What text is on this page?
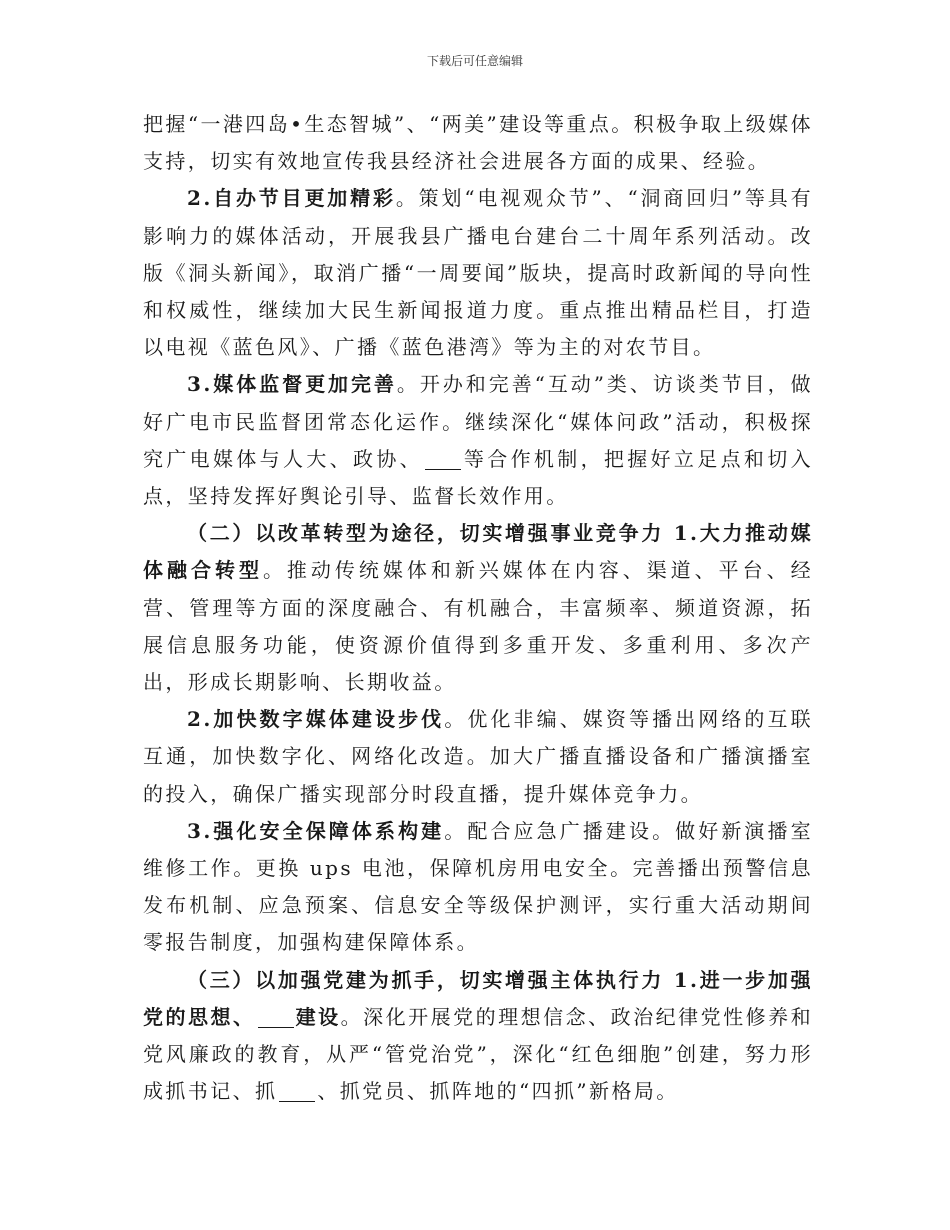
下载后可任意编辑

把握“一港四岛•生态智城”、“两美”建设等重点。积极争取上级媒体支持，切实有效地宣传我县经济社会进展各方面的成果、经验。

2.自办节目更加精彩。策划“电视观众节”、“洞商回归”等具有影响力的媒体活动，开展我县广播电台建台二十周年系列活动。改版《洞头新闻》，取消广播“一周要闻”版块，提高时政新闻的导向性和权威性，继续加大民生新闻报道力度。重点推出精品栏目，打造以电视《蓝色风》、广播《蓝色港湾》等为主的对农节目。

3.媒体监督更加完善。开办和完善“互动”类、访谈类节目，做好广电市民监督团常态化运作。继续深化“媒体问政”活动，积极探究广电媒体与人大、政协、 等合作机制，把握好立足点和切入点，坚持发挥好舆论引导、监督长效作用。

（二）以改革转型为途径，切实增强事业竞争力 1.大力推动媒体融合转型。推动传统媒体和新兴媒体在内容、渠道、平台、经营、管理等方面的深度融合、有机融合，丰富频率、频道资源，拓展信息服务功能，使资源价值得到多重开发、多重利用、多次产出，形成长期影响、长期收益。

2.加快数字媒体建设步伐。优化非编、媒资等播出网络的互联互通，加快数字化、网络化改造。加大广播直播设备和广播演播室的投入，确保广播实现部分时段直播，提升媒体竞争力。

3.强化安全保障体系构建。配合应急广播建设。做好新演播室维修工作。更换 ups 电池，保障机房用电安全。完善播出预警信息发布机制、应急预案、信息安全等级保护测评，实行重大活动期间零报告制度，加强构建保障体系。

（三）以加强党建为抓手，切实增强主体执行力 1.进一步加强党的思想、 建设。深化开展党的理想信念、政治纪律党性修养和党风廉政的教育，从严“管党治党”，深化“红色细胞”创建，努力形成抓书记、抓 、抓党员、抓阵地的“四抓”新格局。
